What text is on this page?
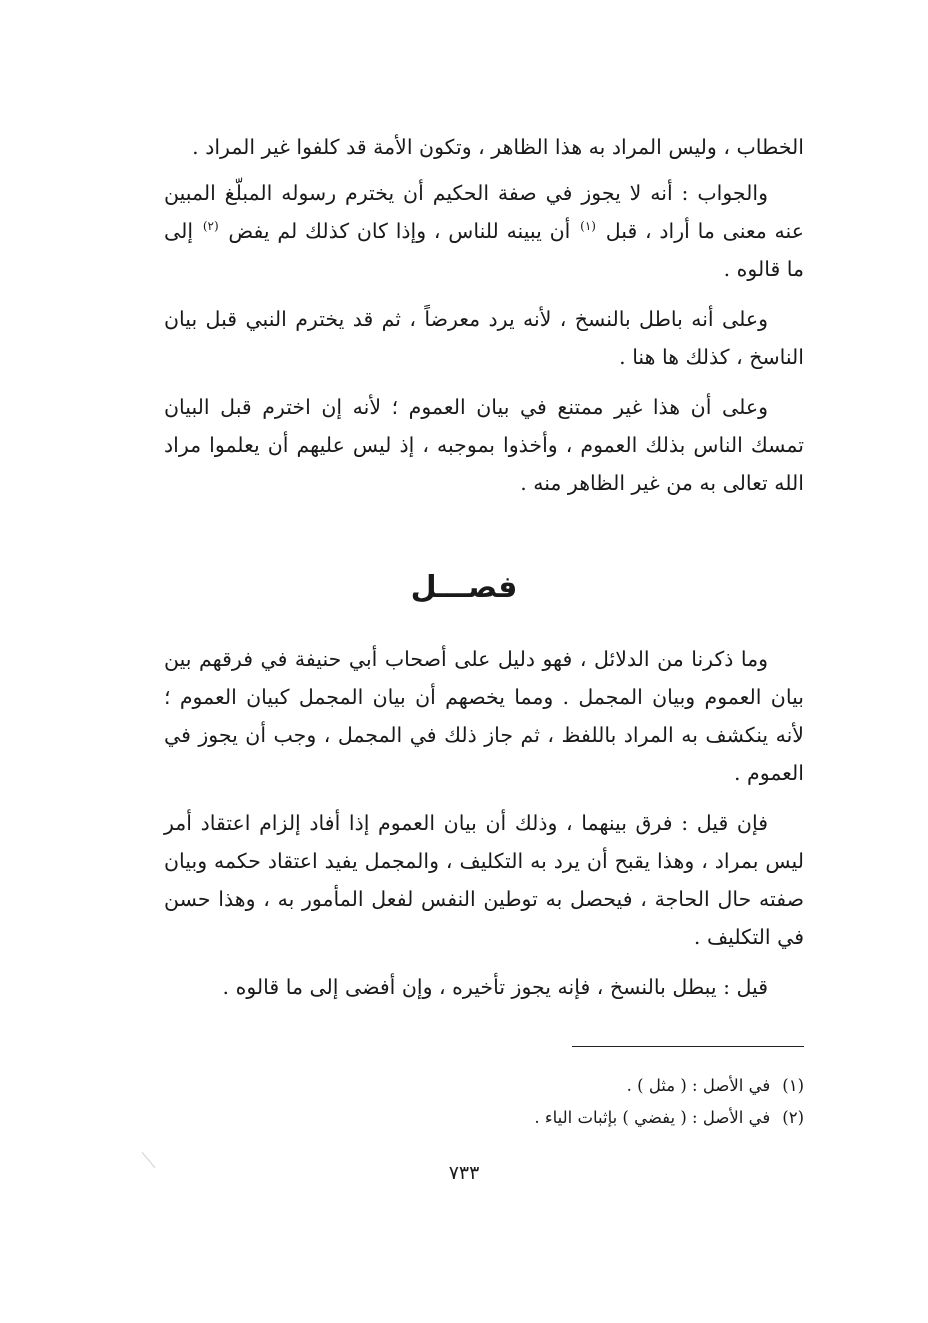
الخطاب ، وليس المراد به هذا الظاهر ، وتكون الأمة قد كلفوا غير المراد .

والجواب : أنه لا يجوز في صفة الحكيم أن يخترم رسوله المبلّغ المبين عنه معنى ما أراد ، قبل $^{(١)}$ أن يبينه للناس ، وإذا كان كذلك لم يفض $^{(٢)}$ إلى ما قالوه .

وعلى أنه باطل بالنسخ ، لأنه يرد معرضاً ، ثم قد يخترم النبي قبل بيان الناسخ ، كذلك ها هنا .

وعلى أن هذا غير ممتنع في بيان العموم ؛ لأنه إن اخترم قبل البيان تمسك الناس بذلك العموم ، وأخذوا بموجبه ، إذ ليس عليهم أن يعلموا مراد الله تعالى به من غير الظاهر منه .

فصـــل

وما ذكرنا من الدلائل ، فهو دليل على أصحاب أبي حنيفة في فرقهم بين بيان العموم وبيان المجمل . ومما يخصهم أن بيان المجمل كبيان العموم ؛ لأنه ينكشف به المراد باللفظ ، ثم جاز ذلك في المجمل ، وجب أن يجوز في العموم .

فإن قيل : فرق بينهما ، وذلك أن بيان العموم إذا أفاد إلزام اعتقاد أمر ليس بمراد ، وهذا يقبح أن يرد به التكليف ، والمجمل يفيد اعتقاد حكمه وبيان صفته حال الحاجة ، فيحصل به توطين النفس لفعل المأمور به ، وهذا حسن في التكليف .

قيل : يبطل بالنسخ ، فإنه يجوز تأخيره ، وإن أفضى إلى ما قالوه .

(١)
في الأصل : ( مثل ) .
(٢)
في الأصل : ( يفضي ) بإثبات الياء .
٧٣٣
